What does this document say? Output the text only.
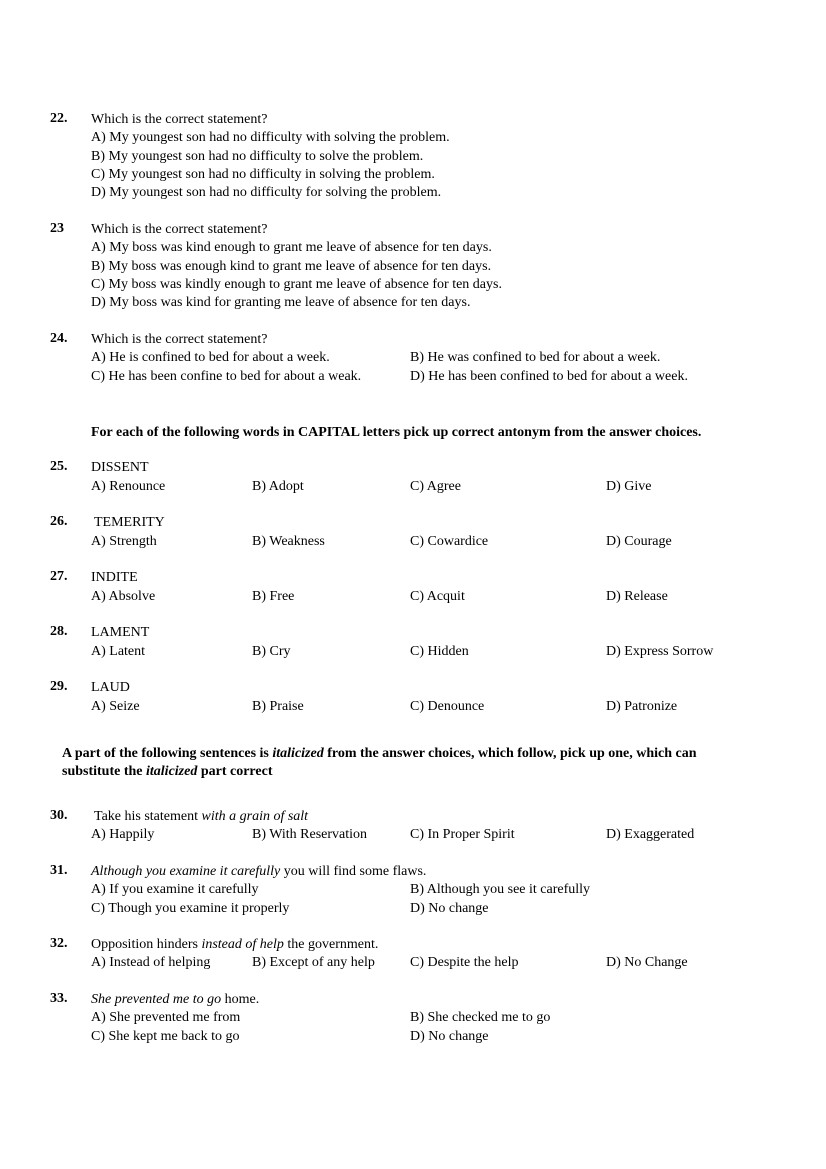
22. Which is the correct statement?
A) My youngest son had no difficulty with solving the problem.
B) My youngest son had no difficulty to solve the problem.
C) My youngest son had no difficulty in solving the problem.
D) My youngest son had no difficulty for solving the problem.
23 Which is the correct statement?
A) My boss was kind enough to grant me leave of absence for ten days.
B) My boss was enough kind to grant me leave of absence for ten days.
C) My boss was kindly enough to grant me leave of absence for ten days.
D) My boss was kind for granting me leave of absence for ten days.
24. Which is the correct statement?
A) He is confined to bed for about a week.	B) He was confined to bed for about a week.
C) He has been confine to bed for about a weak.	D) He has been confined to bed for about a week.
For each of the following words in CAPITAL letters pick up correct antonym from the answer choices.
25. DISSENT
A) Renounce	B) Adopt	C) Agree	D) Give
26. TEMERITY
A) Strength	B) Weakness	C) Cowardice	D) Courage
27. INDITE
A) Absolve	B) Free	C) Acquit	D) Release
28. LAMENT
A) Latent	B) Cry	C) Hidden	D) Express Sorrow
29. LAUD
A) Seize	B) Praise	C) Denounce	D) Patronize
A part of the following sentences is italicized from the answer choices, which follow, pick up one, which can
substitute the italicized part correct
30. Take his statement with a grain of salt
A) Happily	B) With Reservation	C) In Proper Spirit	D) Exaggerated
31. Although you examine it carefully you will find some flaws.
A) If you examine it carefully	B) Although you see it carefully
C) Though you examine it properly	D) No change
32. Opposition hinders instead of help the government.
A) Instead of helping	B) Except of any help	C) Despite the help	D) No Change
33. She prevented me to go home.
A) She prevented me from	B) She checked me to go
C) She kept me back to go	D) No change
